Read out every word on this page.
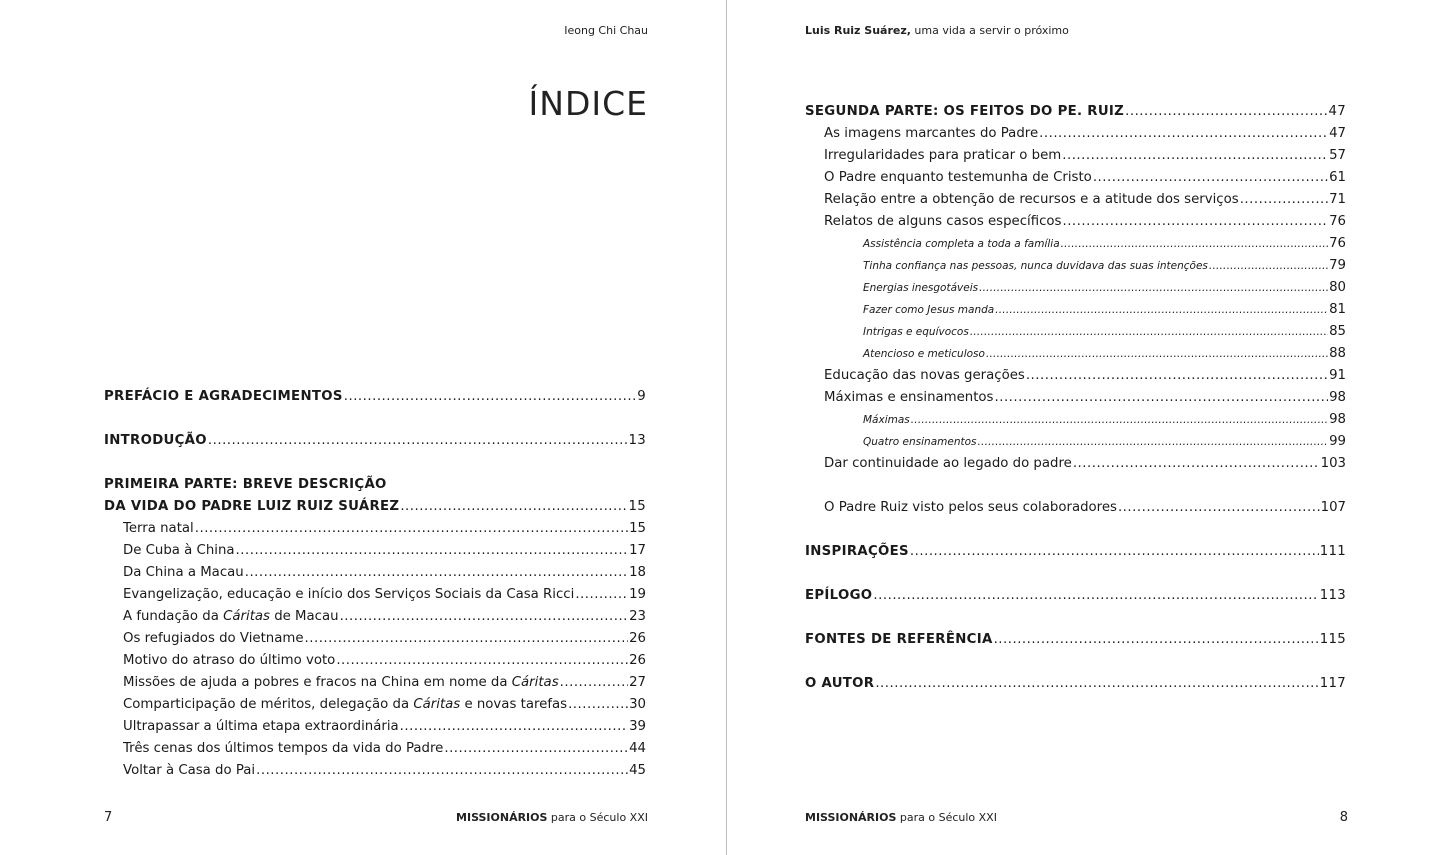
Ieong Chi Chau
ÍNDICE
PREFÁCIO E AGRADECIMENTOS .....	9
INTRODUÇÃO .....	13
PRIMEIRA PARTE: BREVE DESCRIÇÃO
DA VIDA DO PADRE LUIZ RUIZ SUÁREZ .....	15
Terra natal .....	15
De Cuba à China .....	17
Da China a Macau .....	18
Evangelização, educação e início dos Serviços Sociais da Casa Ricci .....	19
A fundação da Cáritas de Macau .....	23
Os refugiados do Vietname .....	26
Motivo do atraso do último voto .....	26
Missões de ajuda a pobres e fracos na China em nome da Cáritas .....	27
Comparticipação de méritos, delegação da Cáritas e novas tarefas .....	30
Ultrapassar a última etapa extraordinária .....	39
Três cenas dos últimos tempos da vida do Padre .....	44
Voltar à Casa do Pai .....	45
7	MISSIONÁRIOS para o Século XXI
Luis Ruiz Suárez, uma vida a servir o próximo
SEGUNDA PARTE: OS FEITOS DO PE. RUIZ .....	47
As imagens marcantes do Padre .....	47
Irregularidades para praticar o bem .....	57
O Padre enquanto testemunha de Cristo .....	61
Relação entre a obtenção de recursos e a atitude dos serviços .....	71
Relatos de alguns casos específicos .....	76
Assistência completa a toda a família .....	76
Tinha confiança nas pessoas, nunca duvidava das suas intenções .....	79
Energias inesgotáveis .....	80
Fazer como Jesus manda .....	81
Intrigas e equívocos .....	85
Atencioso e meticuloso .....	88
Educação das novas gerações .....	91
Máximas e ensinamentos .....	98
Máximas .....	98
Quatro ensinamentos .....	99
Dar continuidade ao legado do padre .....	103
O Padre Ruiz visto pelos seus colaboradores .....	107
INSPIRAÇÕES .....	111
EPÍLOGO .....	113
FONTES DE REFERÊNCIA .....	115
O AUTOR .....	117
MISSIONÁRIOS para o Século XXI	8
